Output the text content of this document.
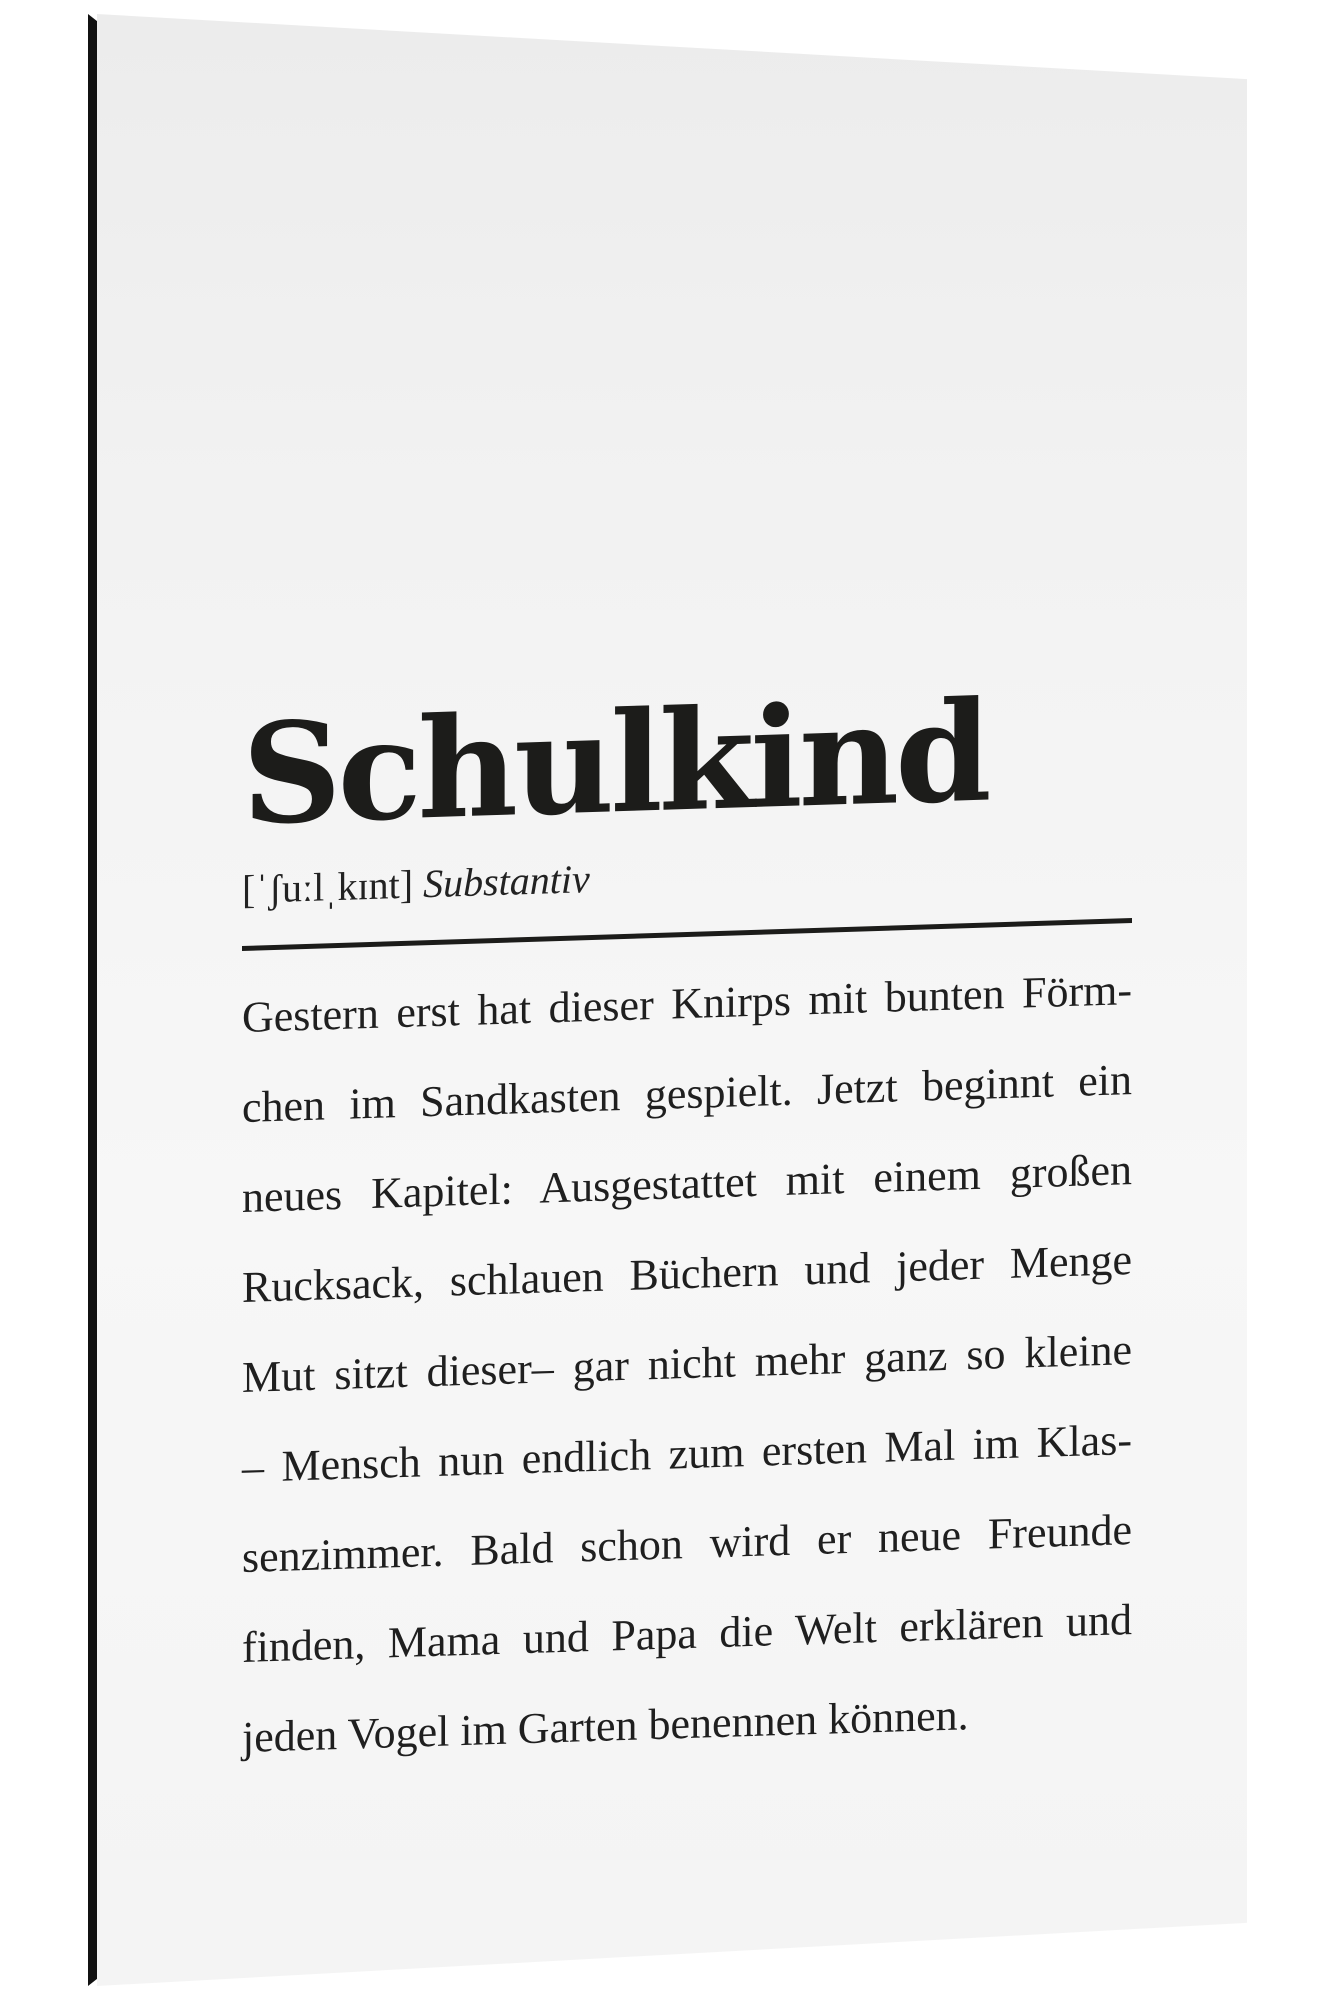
Schulkind
[ˈʃuːlˌkɪnt] Substantiv
Gestern erst hat dieser Knirps mit bunten Förm-
chen im Sandkasten gespielt. Jetzt beginnt ein
neues Kapitel: Ausgestattet mit einem großen
Rucksack, schlauen Büchern und jeder Menge
Mut sitzt dieser– gar nicht mehr ganz so kleine
– Mensch nun endlich zum ersten Mal im Klas-
senzimmer. Bald schon wird er neue Freunde
finden, Mama und Papa die Welt erklären und
jeden Vogel im Garten benennen können.
